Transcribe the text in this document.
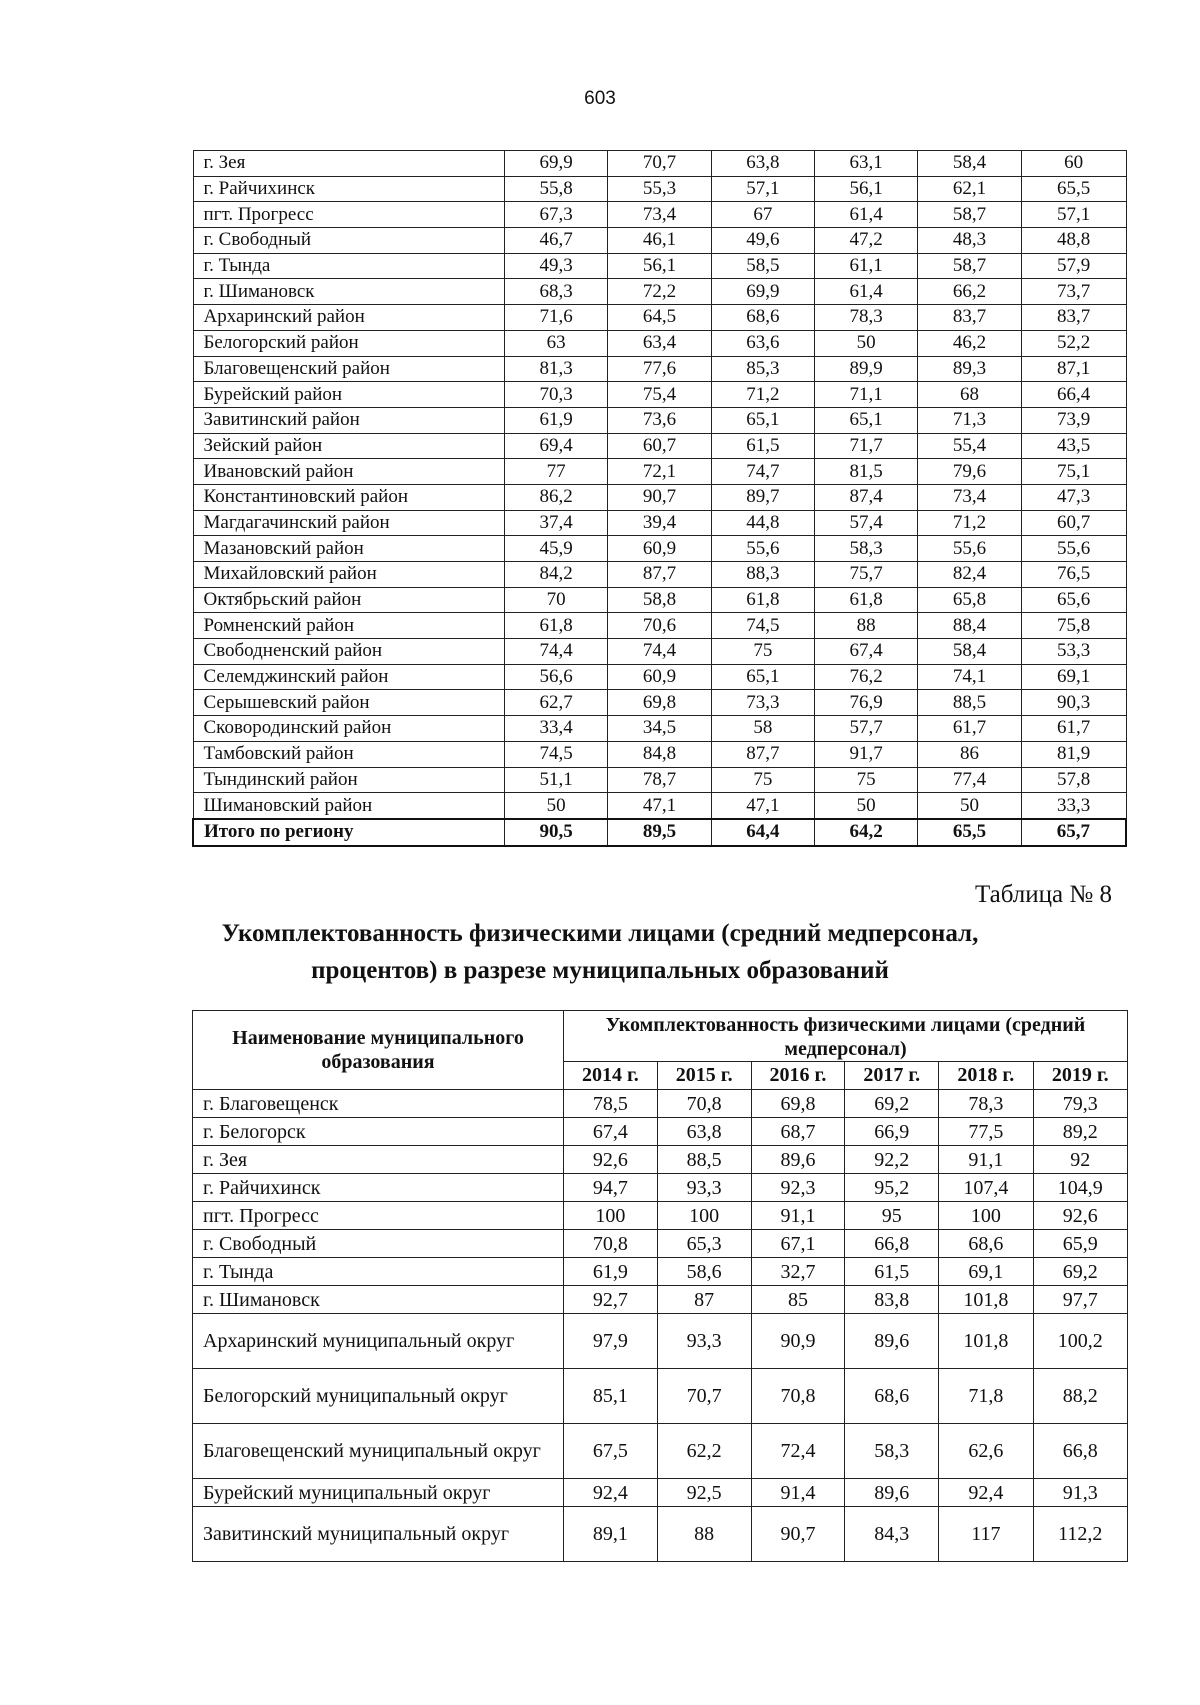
603
г. Зея	69,9	70,7	63,8	63,1	58,4	60
г. Райчихинск	55,8	55,3	57,1	56,1	62,1	65,5
пгт. Прогресс	67,3	73,4	67	61,4	58,7	57,1
г. Свободный	46,7	46,1	49,6	47,2	48,3	48,8
г. Тында	49,3	56,1	58,5	61,1	58,7	57,9
г. Шимановск	68,3	72,2	69,9	61,4	66,2	73,7
Архаринский район	71,6	64,5	68,6	78,3	83,7	83,7
Белогорский район	63	63,4	63,6	50	46,2	52,2
Благовещенский район	81,3	77,6	85,3	89,9	89,3	87,1
Бурейский район	70,3	75,4	71,2	71,1	68	66,4
Завитинский район	61,9	73,6	65,1	65,1	71,3	73,9
Зейский район	69,4	60,7	61,5	71,7	55,4	43,5
Ивановский район	77	72,1	74,7	81,5	79,6	75,1
Константиновский район	86,2	90,7	89,7	87,4	73,4	47,3
Магдагачинский район	37,4	39,4	44,8	57,4	71,2	60,7
Мазановский район	45,9	60,9	55,6	58,3	55,6	55,6
Михайловский район	84,2	87,7	88,3	75,7	82,4	76,5
Октябрьский район	70	58,8	61,8	61,8	65,8	65,6
Ромненский район	61,8	70,6	74,5	88	88,4	75,8
Свободненский район	74,4	74,4	75	67,4	58,4	53,3
Селемджинский район	56,6	60,9	65,1	76,2	74,1	69,1
Серышевский район	62,7	69,8	73,3	76,9	88,5	90,3
Сковородинский район	33,4	34,5	58	57,7	61,7	61,7
Тамбовский район	74,5	84,8	87,7	91,7	86	81,9
Тындинский район	51,1	78,7	75	75	77,4	57,8
Шимановский район	50	47,1	47,1	50	50	33,3
Итого по региону	90,5	89,5	64,4	64,2	65,5	65,7
Таблица № 8
Укомплектованность физическими лицами (средний медперсонал,
процентов) в разрезе муниципальных образований
Наименование муниципального образования	Укомплектованность физическими лицами (средний медперсонал)					
	2014 г.	2015 г.	2016 г.	2017 г.	2018 г.	2019 г.
г. Благовещенск	78,5	70,8	69,8	69,2	78,3	79,3
г. Белогорск	67,4	63,8	68,7	66,9	77,5	89,2
г. Зея	92,6	88,5	89,6	92,2	91,1	92
г. Райчихинск	94,7	93,3	92,3	95,2	107,4	104,9
пгт. Прогресс	100	100	91,1	95	100	92,6
г. Свободный	70,8	65,3	67,1	66,8	68,6	65,9
г. Тында	61,9	58,6	32,7	61,5	69,1	69,2
г. Шимановск	92,7	87	85	83,8	101,8	97,7
Архаринский муниципальный округ	97,9	93,3	90,9	89,6	101,8	100,2
Белогорский муниципальный округ	85,1	70,7	70,8	68,6	71,8	88,2
Благовещенский муниципальный округ	67,5	62,2	72,4	58,3	62,6	66,8
Бурейский муниципальный округ	92,4	92,5	91,4	89,6	92,4	91,3
Завитинский муниципальный округ	89,1	88	90,7	84,3	117	112,2
